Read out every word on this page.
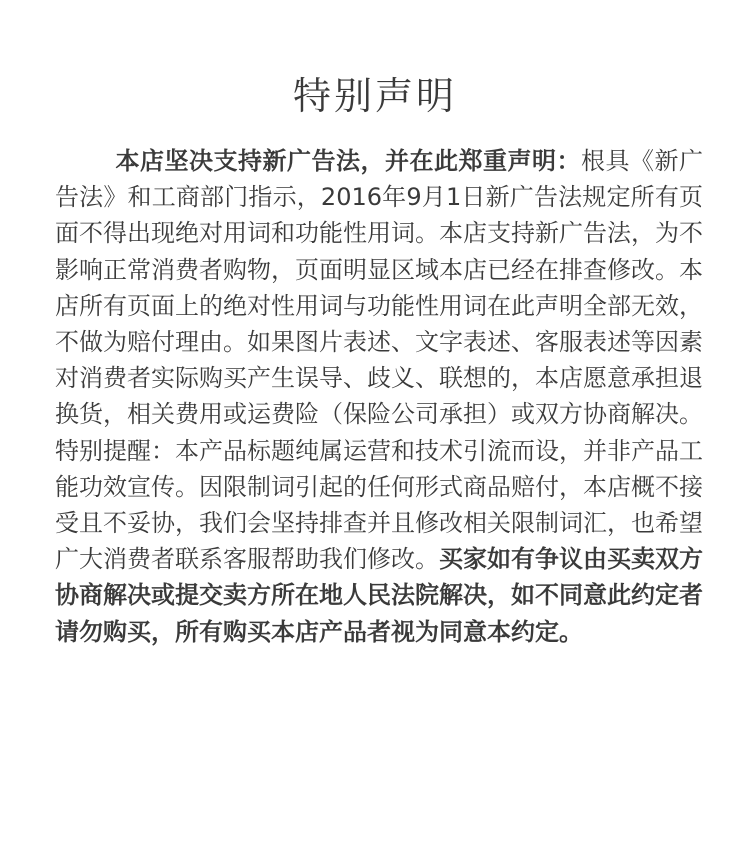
特别声明

本店坚决支持新广告法，并在此郑重声明：根具《新广告法》和工商部门指示，2016年9月1日新广告法规定所有页面不得出现绝对用词和功能性用词。本店支持新广告法，为不影响正常消费者购物，页面明显区域本店已经在排查修改。本店所有页面上的绝对性用词与功能性用词在此声明全部无效，不做为赔付理由。如果图片表述、文字表述、客服表述等因素对消费者实际购买产生误导、歧义、联想的，本店愿意承担退换货，相关费用或运费险（保险公司承担）或双方协商解决。特别提醒：本产品标题纯属运营和技术引流而设，并非产品工能功效宣传。因限制词引起的任何形式商品赔付，本店概不接受且不妥协，我们会坚持排查并且修改相关限制词汇，也希望广大消费者联系客服帮助我们修改。买家如有争议由买卖双方协商解决或提交卖方所在地人民法院解决，如不同意此约定者请勿购买，所有购买本店产品者视为同意本约定。
